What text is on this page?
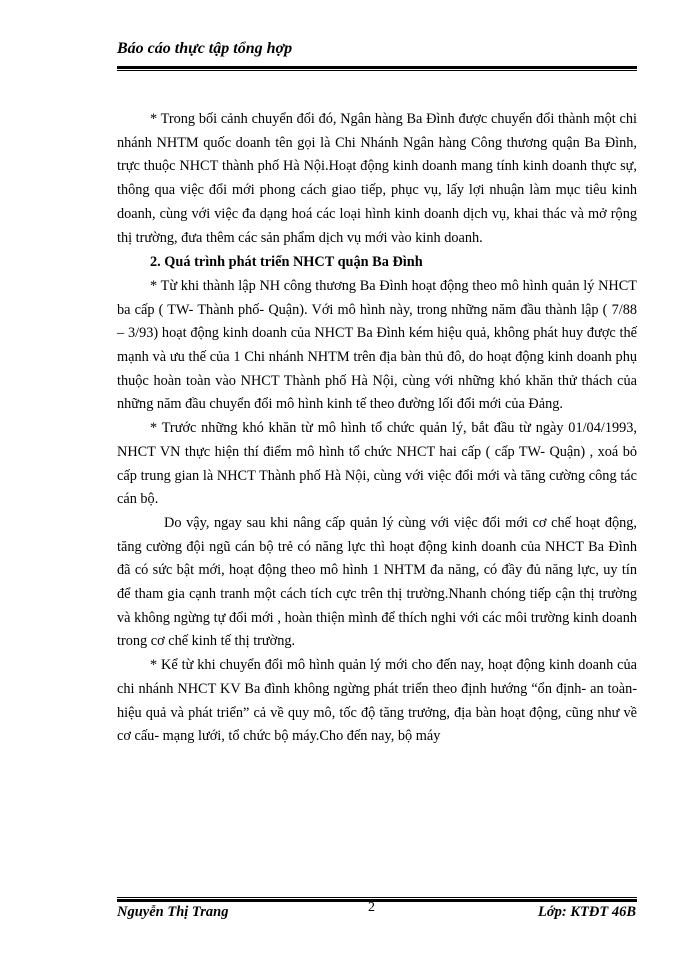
Báo cáo thực tập tổng hợp

* Trong bối cảnh chuyển đổi đó, Ngân hàng Ba Đình được chuyển đổi thành một chi nhánh NHTM quốc doanh tên gọi là Chi Nhánh Ngân hàng Công thương quận Ba Đình, trực thuộc NHCT thành phố Hà Nội.Hoạt động kinh doanh mang tính kinh doanh thực sự, thông qua việc đổi mới phong cách giao tiếp, phục vụ, lấy lợi nhuận làm mục tiêu kinh doanh, cùng với việc đa dạng hoá các loại hình kinh doanh dịch vụ, khai thác và mở rộng thị trường, đưa thêm các sản phẩm dịch vụ mới vào kinh doanh.

2. Quá trình phát triển NHCT quận Ba Đình

* Từ khi thành lập NH công thương Ba Đình hoạt động theo mô hình quản lý NHCT ba cấp ( TW- Thành phố- Quận). Với mô hình này, trong những năm đầu thành lập ( 7/88 – 3/93) hoạt động kinh doanh của NHCT Ba Đình kém hiệu quả, không phát huy được thế mạnh và ưu thế của 1 Chi nhánh NHTM trên địa bàn thủ đô, do hoạt động kinh doanh phụ thuộc hoàn toàn vào NHCT Thành phố Hà Nội, cùng với những khó khăn thử thách của những năm đầu chuyển đổi mô hình kinh tế theo đường lối đổi mới của Đảng.

* Trước những khó khăn từ mô hình tổ chức quản lý, bắt đầu từ ngày 01/04/1993, NHCT VN thực hiện thí điểm mô hình tổ chức NHCT hai cấp ( cấp TW- Quận) , xoá bỏ cấp trung gian là NHCT Thành phố Hà Nội, cùng với việc đổi mới và tăng cường công tác cán bộ.

Do vậy, ngay sau khi nâng cấp quản lý cùng với việc đổi mới cơ chế hoạt động, tăng cường đội ngũ cán bộ trẻ có năng lực thì hoạt động kinh doanh của NHCT Ba Đình đã có sức bật mới, hoạt động theo mô hình 1 NHTM đa năng, có đầy đủ năng lực, uy tín để tham gia cạnh tranh một cách tích cực trên thị trường.Nhanh chóng tiếp cận thị trường và không ngừng tự đổi mới , hoàn thiện mình để thích nghi với các môi trường kinh doanh trong cơ chế kinh tế thị trường.

* Kể từ khi chuyển đổi mô hình quản lý mới cho đến nay, hoạt động kinh doanh của chi nhánh NHCT KV Ba đình không ngừng phát triển theo định hướng “ổn định- an toàn- hiệu quả và phát triển” cả về quy mô, tốc độ tăng trưởng, địa bàn hoạt động, cũng như về cơ cấu- mạng lưới, tổ chức bộ máy.Cho đến nay, bộ máy

Nguyễn Thị Trang	2	Lớp: KTĐT 46B
